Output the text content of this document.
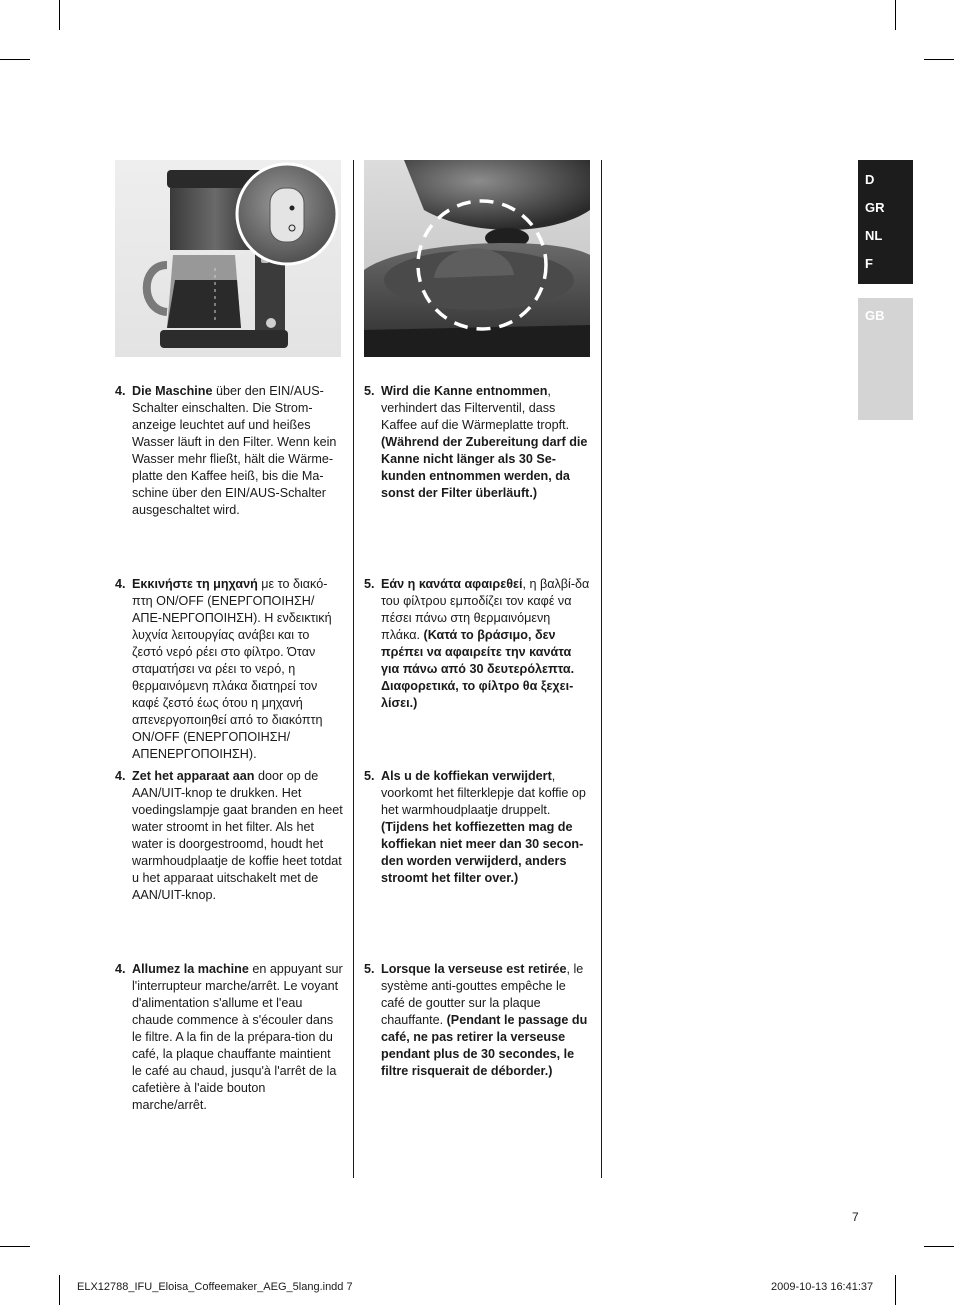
4. Die Maschine über den EIN/AUS-Schalter einschalten. Die Strom-anzeige leuchtet auf und heißes Wasser läuft in den Filter. Wenn kein Wasser mehr fließt, hält die Wärme-platte den Kaffee heiß, bis die Ma-schine über den EIN/AUS-Schalter ausgeschaltet wird.
5. Wird die Kanne entnommen, verhindert das Filterventil, dass Kaffee auf die Wärmeplatte tropft. (Während der Zubereitung darf die Kanne nicht länger als 30 Se-kunden entnommen werden, da sonst der Filter überläuft.)
4. Εκκινήστε τη μηχανή με το διακό-πτη ON/OFF (ΕΝΕΡΓΟΠΟΙΗΣΗ/ΑΠΕ-ΝΕΡΓΟΠΟΙΗΣΗ). Η ενδεικτική λυχνία λειτουργίας ανάβει και το ζεστό νερό ρέει στο φίλτρο. Όταν σταματήσει να ρέει το νερό, η θερμαινόμενη πλάκα διατηρεί τον καφέ ζεστό έως ότου η μηχανή απενεργοποιηθεί από το διακόπτη ON/OFF (ΕΝΕΡΓΟΠΟΙΗΣΗ/ ΑΠΕΝΕΡΓΟΠΟΙΗΣΗ).
5. Εάν η κανάτα αφαιρεθεί, η βαλβί-δα του φίλτρου εμποδίζει τον καφέ να πέσει πάνω στη θερμαινόμενη πλάκα. (Κατά το βράσιμο, δεν πρέπει να αφαιρείτε την κανάτα για πάνω από 30 δευτερόλεπτα. Διαφορετικά, το φίλτρο θα ξεχει-λίσει.)
4. Zet het apparaat aan door op de AAN/UIT-knop te drukken. Het voedingslampje gaat branden en heet water stroomt in het filter. Als het water is doorgestroomd, houdt het warmhoudplaatje de koffie heet totdat u het apparaat uitschakelt met de AAN/UIT-knop.
5. Als u de koffiekan verwijdert, voorkomt het filterklepje dat koffie op het warmhoudplaatje druppelt. (Tijdens het koffiezetten mag de koffiekan niet meer dan 30 secon-den worden verwijderd, anders stroomt het filter over.)
4. Allumez la machine en appuyant sur l'interrupteur marche/arrêt. Le voyant d'alimentation s'allume et l'eau chaude commence à s'écouler dans le filtre. A la fin de la prépara-tion du café, la plaque chauffante maintient le café au chaud, jusqu'à l'arrêt de la cafetière à l'aide bouton marche/arrêt.
5. Lorsque la verseuse est retirée, le système anti-gouttes empêche le café de goutter sur la plaque chauffante. (Pendant le passage du café, ne pas retirer la verseuse pendant plus de 30 secondes, le filtre risquerait de déborder.)
D
GR
NL
F
GB
7
ELX12788_IFU_Eloisa_Coffeemaker_AEG_5lang.indd 7	2009-10-13 16:41:37
